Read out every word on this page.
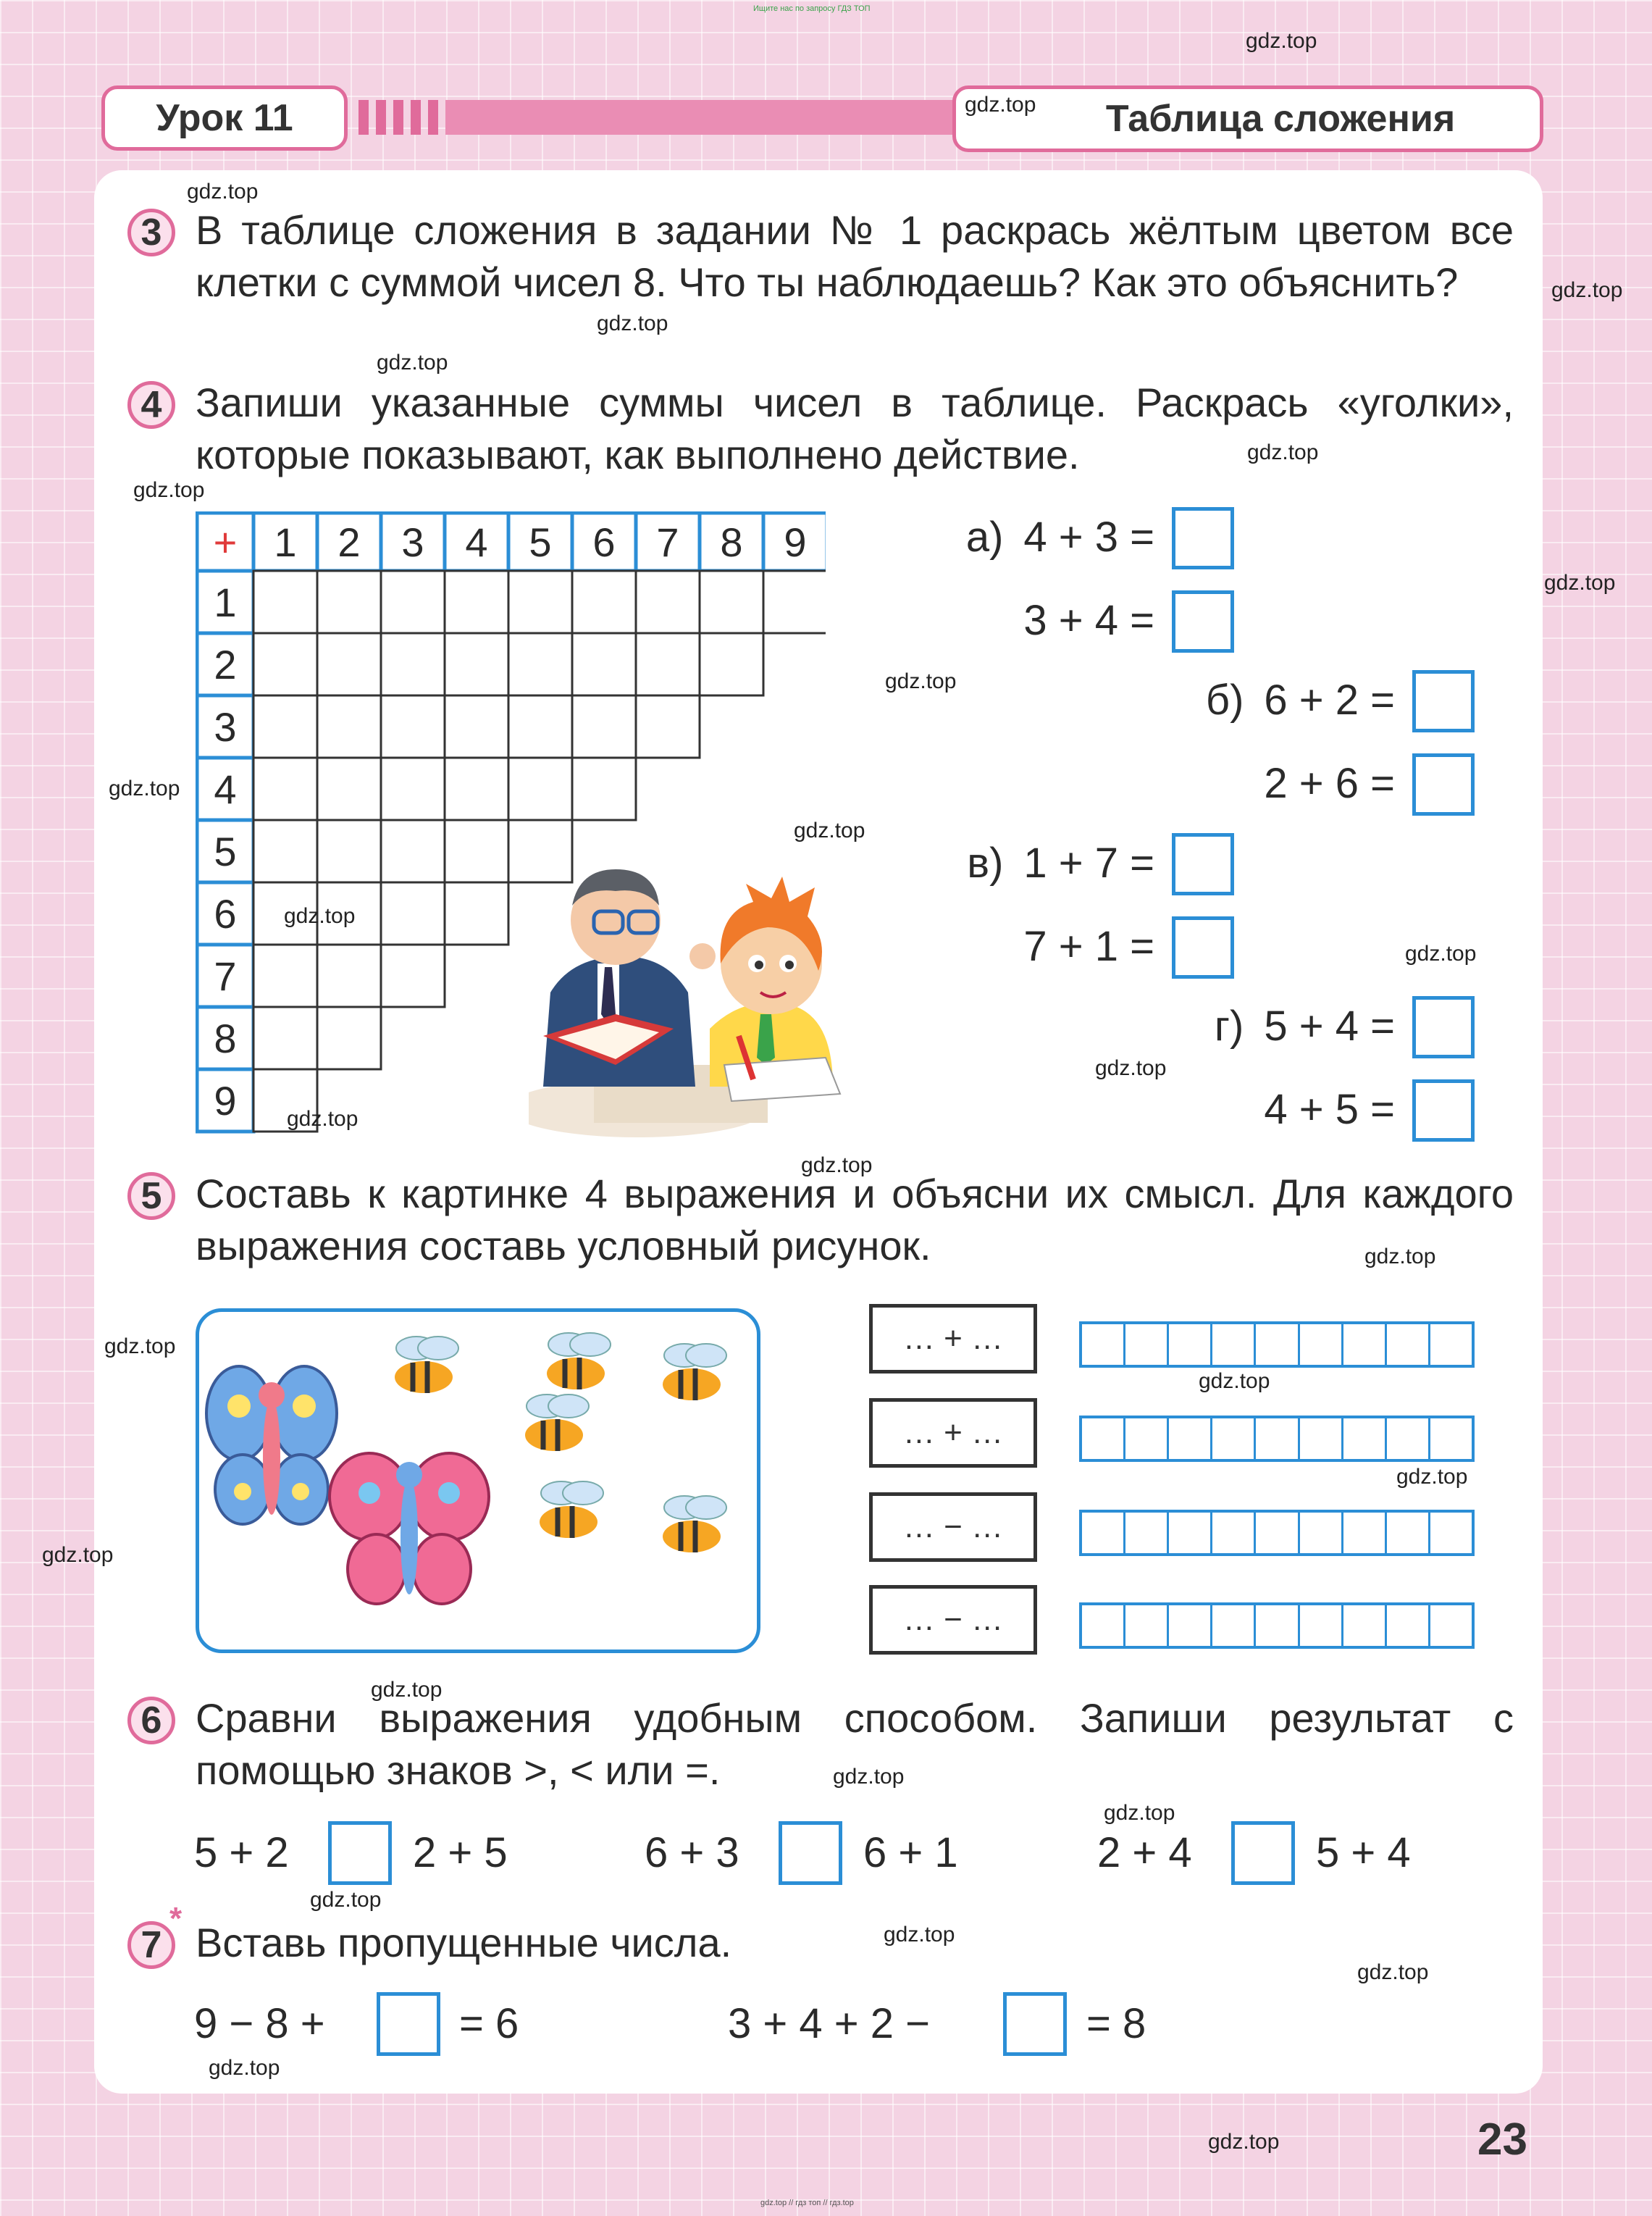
Ищите нас по запросу ГДЗ ТОП
gdz.top // гдз топ // гдз.top
Урок 11	Таблица сложения
3 В таблице сложения в задании № 1 раскрась жёлтым цветом все клетки с суммой чисел 8. Что ты наблюдаешь? Как это объяснить?
4 Запиши указанные суммы чисел в таблице. Раскрась «уголки», которые показывают, как выполнено действие.
+ 1	2	3	4	5	6	7	8	9
1
2
3
4
5
6
7
8
9
а) 4 + 3 =
3 + 4 =
б) 6 + 2 =
2 + 6 =
в) 1 + 7 =
7 + 1 =
г) 5 + 4 =
4 + 5 =
5 Составь к картинке 4 выражения и объясни их смысл. Для каждого выражения составь условный рисунок.
… + …
… + …
… − …
… − …
6 Сравни выражения удобным способом. Запиши результат с помощью знаков >, < или =.
5 + 2	2 + 5	6 + 3	6 + 1	2 + 4	5 + 4
*
7 Вставь пропущенные числа.
9 − 8 +	= 6	3 + 4 + 2 −	= 8
23
gdz.top
gdz.top
gdz.top
gdz.top
gdz.top
gdz.top
gdz.top
gdz.top
gdz.top
gdz.top
gdz.top
gdz.top
gdz.top
gdz.top
gdz.top
gdz.top
gdz.top
gdz.top
gdz.top
gdz.top
gdz.top
gdz.top
gdz.top
gdz.top
gdz.top
gdz.top
gdz.top
gdz.top
gdz.top
gdz.top
